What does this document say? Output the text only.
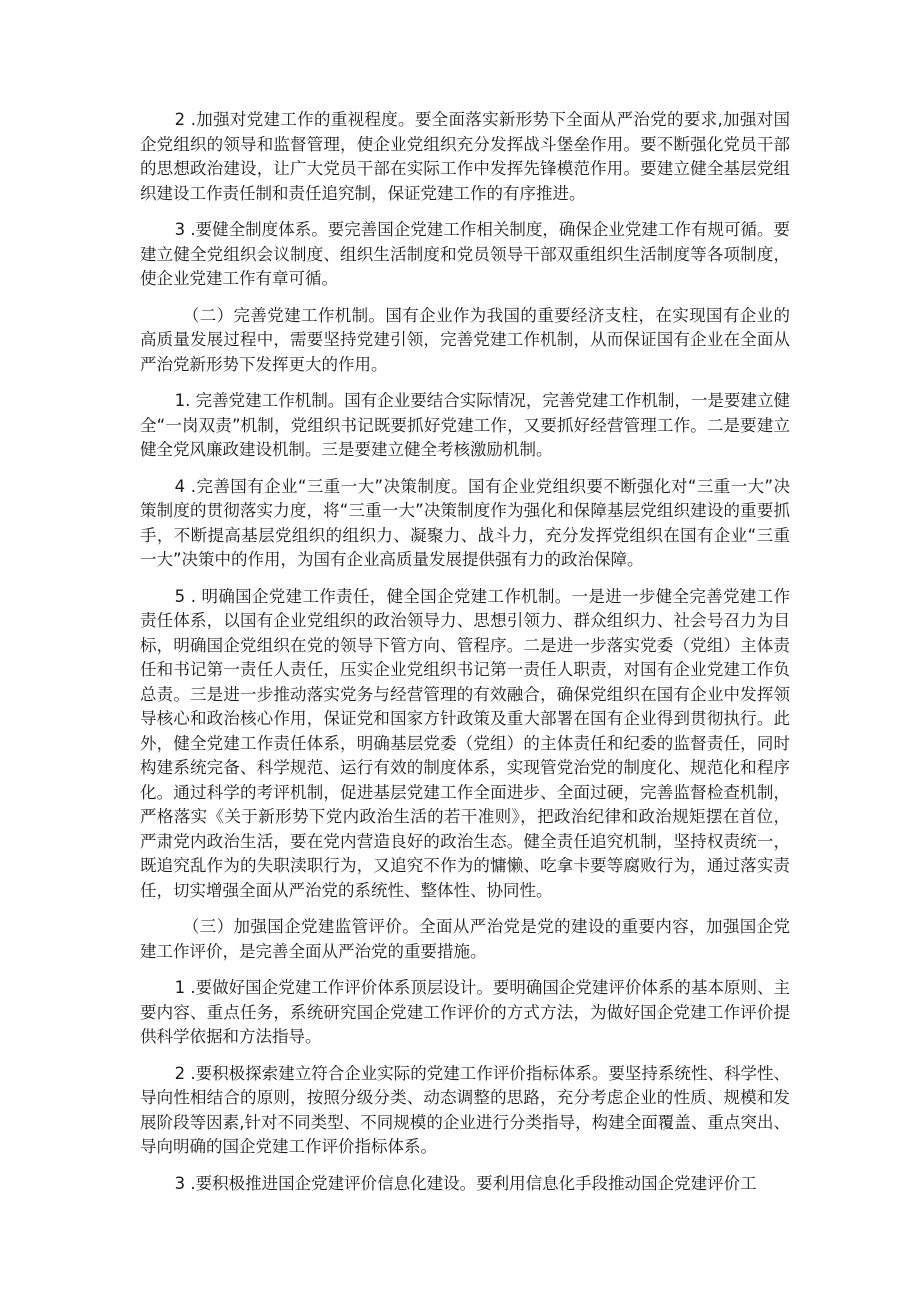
2 .加强对党建工作的重视程度。要全面落实新形势下全面从严治党的要求,加强对国企党组织的领导和监督管理，使企业党组织充分发挥战斗堡垒作用。要不断强化党员干部的思想政治建设，让广大党员干部在实际工作中发挥先锋模范作用。要建立健全基层党组织建设工作责任制和责任追究制，保证党建工作的有序推进。

3 .要健全制度体系。要完善国企党建工作相关制度，确保企业党建工作有规可循。要建立健全党组织会议制度、组织生活制度和党员领导干部双重组织生活制度等各项制度，使企业党建工作有章可循。

（二）完善党建工作机制。国有企业作为我国的重要经济支柱，在实现国有企业的高质量发展过程中，需要坚持党建引领，完善党建工作机制，从而保证国有企业在全面从严治党新形势下发挥更大的作用。

1. 完善党建工作机制。国有企业要结合实际情况，完善党建工作机制，一是要建立健全“一岗双责”机制，党组织书记既要抓好党建工作，又要抓好经营管理工作。二是要建立健全党风廉政建设机制。三是要建立健全考核激励机制。

4 .完善国有企业“三重一大”决策制度。国有企业党组织要不断强化对“三重一大”决策制度的贯彻落实力度，将“三重一大”决策制度作为强化和保障基层党组织建设的重要抓手，不断提高基层党组织的组织力、凝聚力、战斗力，充分发挥党组织在国有企业“三重一大”决策中的作用，为国有企业高质量发展提供强有力的政治保障。

5 . 明确国企党建工作责任，健全国企党建工作机制。一是进一步健全完善党建工作责任体系，以国有企业党组织的政治领导力、思想引领力、群众组织力、社会号召力为目标，明确国企党组织在党的领导下管方向、管程序。二是进一步落实党委（党组）主体责任和书记第一责任人责任，压实企业党组织书记第一责任人职责，对国有企业党建工作负总责。三是进一步推动落实党务与经营管理的有效融合，确保党组织在国有企业中发挥领导核心和政治核心作用，保证党和国家方针政策及重大部署在国有企业得到贯彻执行。此外，健全党建工作责任体系，明确基层党委（党组）的主体责任和纪委的监督责任，同时构建系统完备、科学规范、运行有效的制度体系，实现管党治党的制度化、规范化和程序化。通过科学的考评机制，促进基层党建工作全面进步、全面过硬，完善监督检查机制，严格落实《关于新形势下党内政治生活的若干准则》，把政治纪律和政治规矩摆在首位，严肃党内政治生活，要在党内营造良好的政治生态。健全责任追究机制，坚持权责统一，既追究乱作为的失职渎职行为，又追究不作为的慵懒、吃拿卡要等腐败行为，通过落实责任，切实增强全面从严治党的系统性、整体性、协同性。

（三）加强国企党建监管评价。全面从严治党是党的建设的重要内容，加强国企党建工作评价，是完善全面从严治党的重要措施。

1 .要做好国企党建工作评价体系顶层设计。要明确国企党建评价体系的基本原则、主要内容、重点任务，系统研究国企党建工作评价的方式方法，为做好国企党建工作评价提供科学依据和方法指导。

2 .要积极探索建立符合企业实际的党建工作评价指标体系。要坚持系统性、科学性、导向性相结合的原则，按照分级分类、动态调整的思路，充分考虑企业的性质、规模和发展阶段等因素,针对不同类型、不同规模的企业进行分类指导，构建全面覆盖、重点突出、导向明确的国企党建工作评价指标体系。

3 .要积极推进国企党建评价信息化建设。要利用信息化手段推动国企党建评价工
